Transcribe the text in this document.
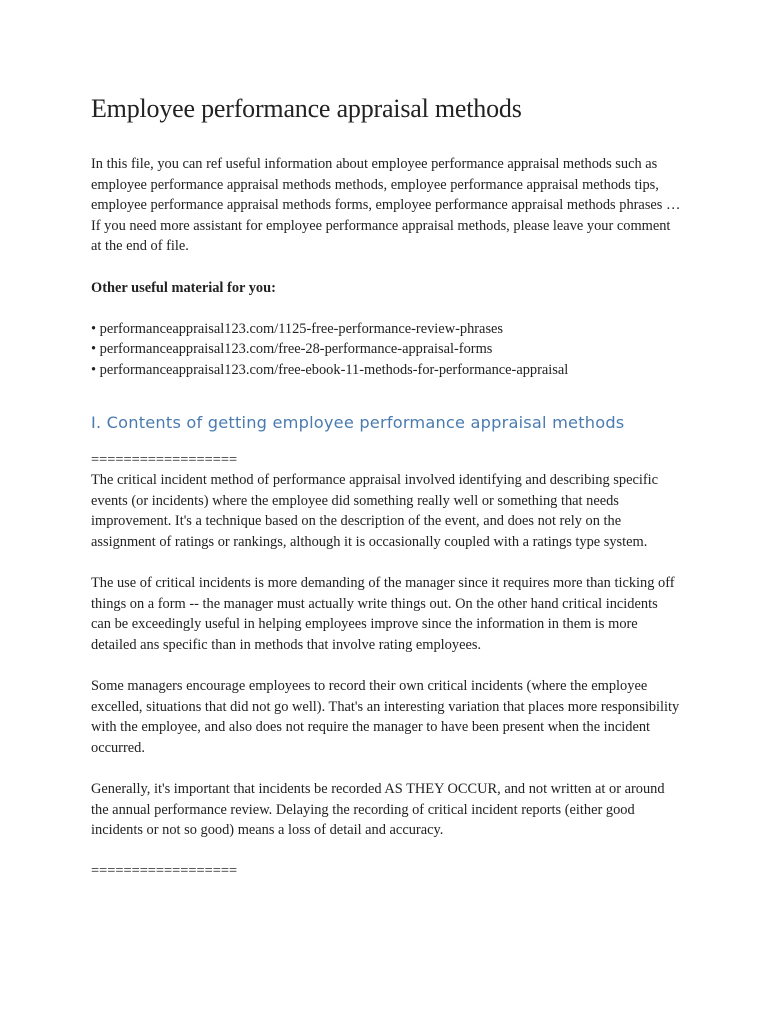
Employee performance appraisal methods

In this file, you can ref useful information about employee performance appraisal methods such as employee performance appraisal methods methods, employee performance appraisal methods tips, employee performance appraisal methods forms, employee performance appraisal methods phrases … If you need more assistant for employee performance appraisal methods, please leave your comment at the end of file.

Other useful material for you:

• performanceappraisal123.com/1125-free-performance-review-phrases
• performanceappraisal123.com/free-28-performance-appraisal-forms
• performanceappraisal123.com/free-ebook-11-methods-for-performance-appraisal
I. Contents of getting employee performance appraisal methods

==================

The critical incident method of performance appraisal involved identifying and describing specific events (or incidents) where the employee did something really well or something that needs improvement. It's a technique based on the description of the event, and does not rely on the assignment of ratings or rankings, although it is occasionally coupled with a ratings type system.

The use of critical incidents is more demanding of the manager since it requires more than ticking off things on a form -- the manager must actually write things out. On the other hand critical incidents can be exceedingly useful in helping employees improve since the information in them is more detailed ans specific than in methods that involve rating employees.

Some managers encourage employees to record their own critical incidents (where the employee excelled, situations that did not go well). That's an interesting variation that places more responsibility with the employee, and also does not require the manager to have been present when the incident occurred.

Generally, it's important that incidents be recorded AS THEY OCCUR, and not written at or around the annual performance review. Delaying the recording of critical incident reports (either good incidents or not so good) means a loss of detail and accuracy.

==================
